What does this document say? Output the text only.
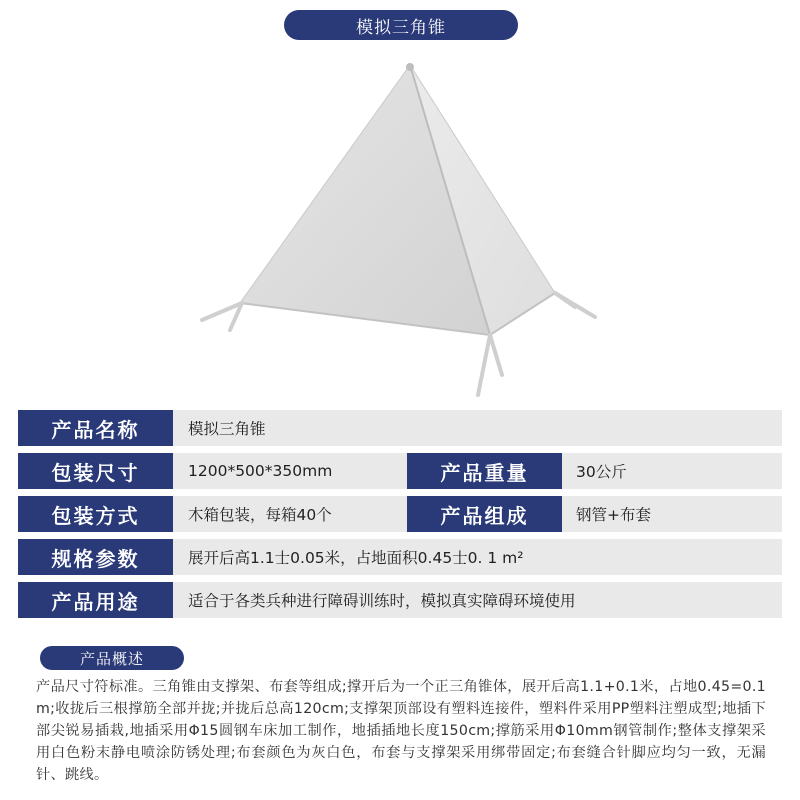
模拟三角锥
产品名称	模拟三角锥
包装尺寸	1200*500*350mm	产品重量	30公斤
包装方式	木箱包装，每箱40个	产品组成	钢管+布套
规格参数	展开后高1.1士0.05米，占地面积0.45士0. 1 m²
产品用途	适合于各类兵种进行障碍训练时，模拟真实障碍环境使用
产品概述
产品尺寸符标准。三角锥由支撑架、布套等组成;撑开后为一个正三角锥体，展开后高1.1+0.1米，占地0.45=0.1 m;收拢后三根撑筋全部并拢;并拢后总高120cm;支撑架顶部设有塑料连接件，塑料件采用PP塑料注塑成型;地插下部尖锐易插栽,地插采用Φ15圆钢车床加工制作，地插插地长度150cm;撑筋采用Φ10mm钢管制作;整体支撑架采用白色粉末静电喷涂防锈处理;布套颜色为灰白色，布套与支撑架采用绑带固定;布套缝合针脚应均匀一致，无漏针、跳线。
